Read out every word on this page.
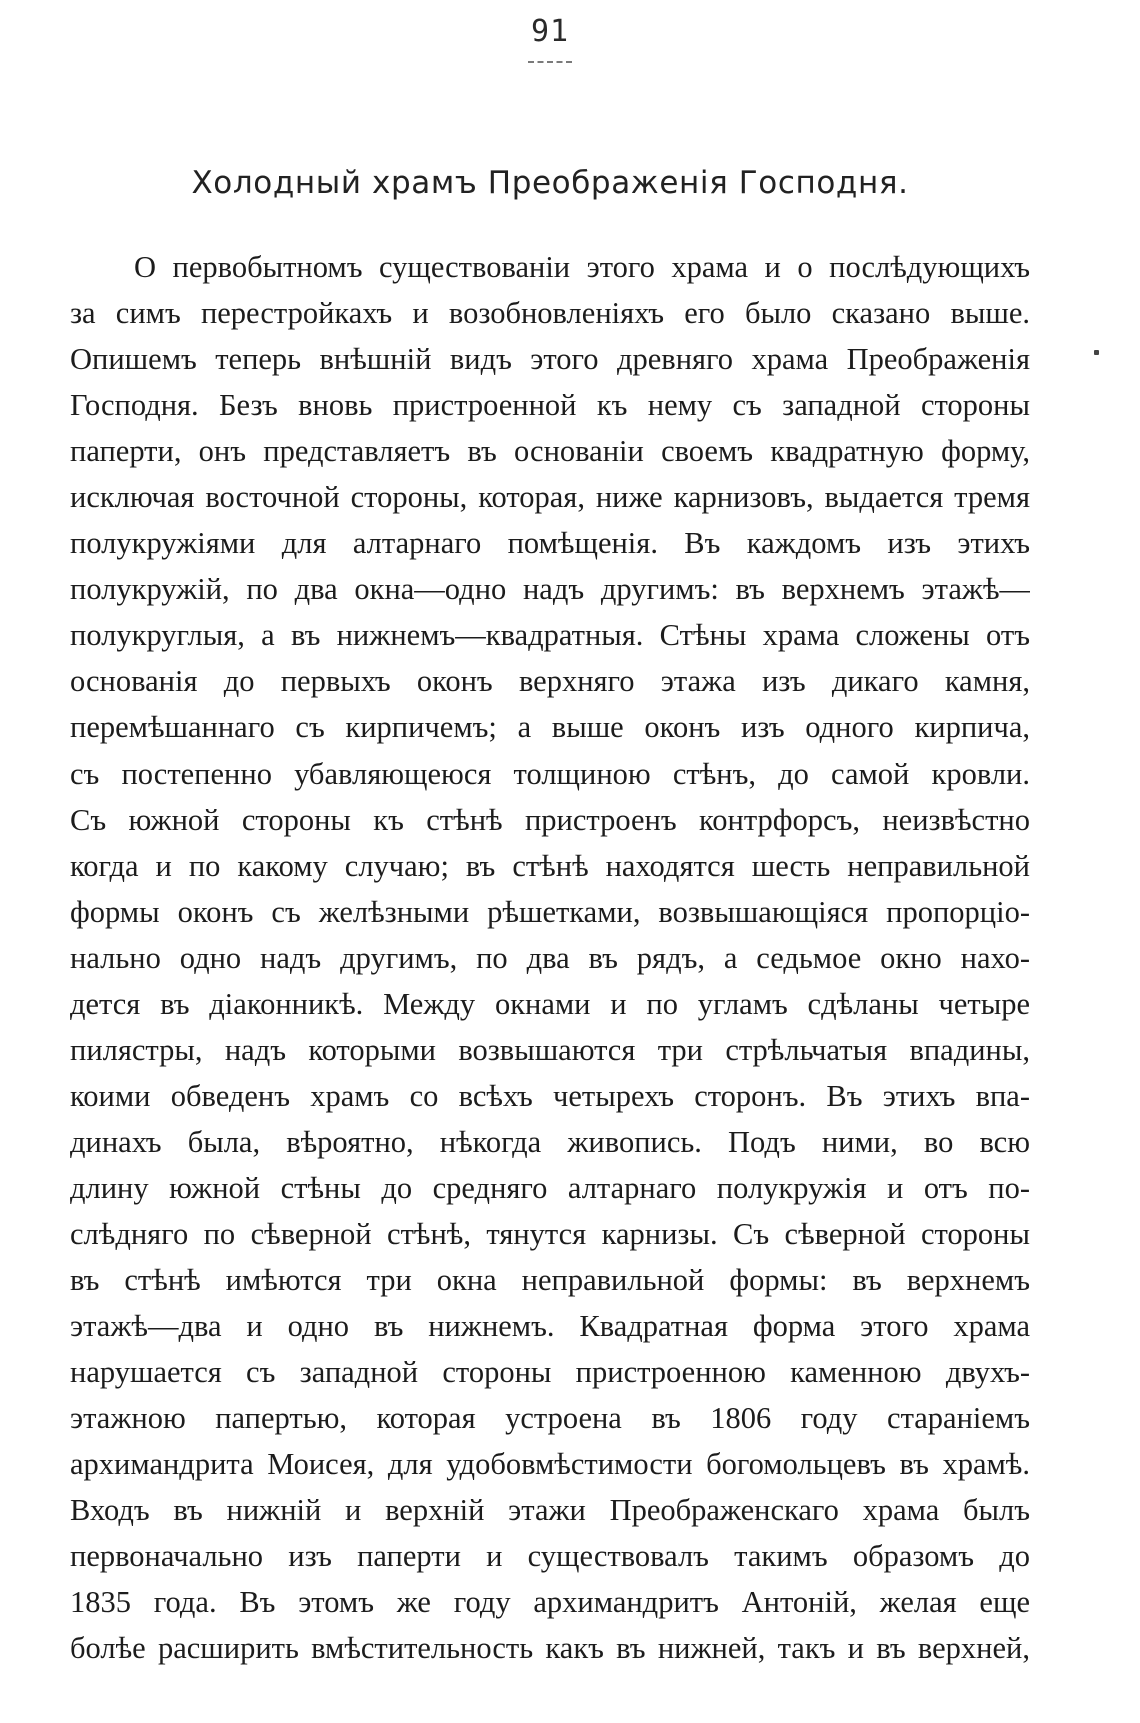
91
Холодный храмъ Преображенія Господня.
О первобытномъ существованіи этого храма и о послѣдующихъ
за симъ перестройкахъ и возобновленіяхъ его было сказано выше.
Опишемъ теперь внѣшній видъ этого древняго храма Преображенія
Господня. Безъ вновь пристроенной къ нему съ западной стороны
паперти, онъ представляетъ въ основаніи своемъ квадратную форму,
исключая восточной стороны, которая, ниже карнизовъ, выдается тремя
полукружіями для алтарнаго помѣщенія. Въ каждомъ изъ этихъ
полукружій, по два окна—одно надъ другимъ: въ верхнемъ этажѣ—
полукруглыя, а въ нижнемъ—квадратныя. Стѣны храма сложены отъ
основанія до первыхъ оконъ верхняго этажа изъ дикаго камня,
перемѣшаннаго съ кирпичемъ; а выше оконъ изъ одного кирпича,
съ постепенно убавляющеюся толщиною стѣнъ, до самой кровли.
Съ южной стороны къ стѣнѣ пристроенъ контрфорсъ, неизвѣстно
когда и по какому случаю; въ стѣнѣ находятся шесть неправильной
формы оконъ съ желѣзными рѣшетками, возвышающіяся пропорціо-
нально одно надъ другимъ, по два въ рядъ, а седьмое окно нахо-
дется въ діаконникѣ. Между окнами и по угламъ сдѣланы четыре
пилястры, надъ которыми возвышаются три стрѣльчатыя впадины,
коими обведенъ храмъ со всѣхъ четырехъ сторонъ. Въ этихъ впа-
динахъ была, вѣроятно, нѣкогда живопись. Подъ ними, во всю
длину южной стѣны до средняго алтарнаго полукружія и отъ по-
слѣдняго по сѣверной стѣнѣ, тянутся карнизы. Съ сѣверной стороны
въ стѣнѣ имѣются три окна неправильной формы: въ верхнемъ
этажѣ—два и одно въ нижнемъ. Квадратная форма этого храма
нарушается съ западной стороны пристроенною каменною двухъ-
этажною папертью, которая устроена въ 1806 году стараніемъ
архимандрита Моисея, для удобовмѣстимости богомольцевъ въ храмѣ.
Входъ въ нижній и верхній этажи Преображенскаго храма былъ
первоначально изъ паперти и существовалъ такимъ образомъ до
1835 года. Въ этомъ же году архимандритъ Антоній, желая еще
болѣе расширить вмѣстительность какъ въ нижней, такъ и въ верхней,
